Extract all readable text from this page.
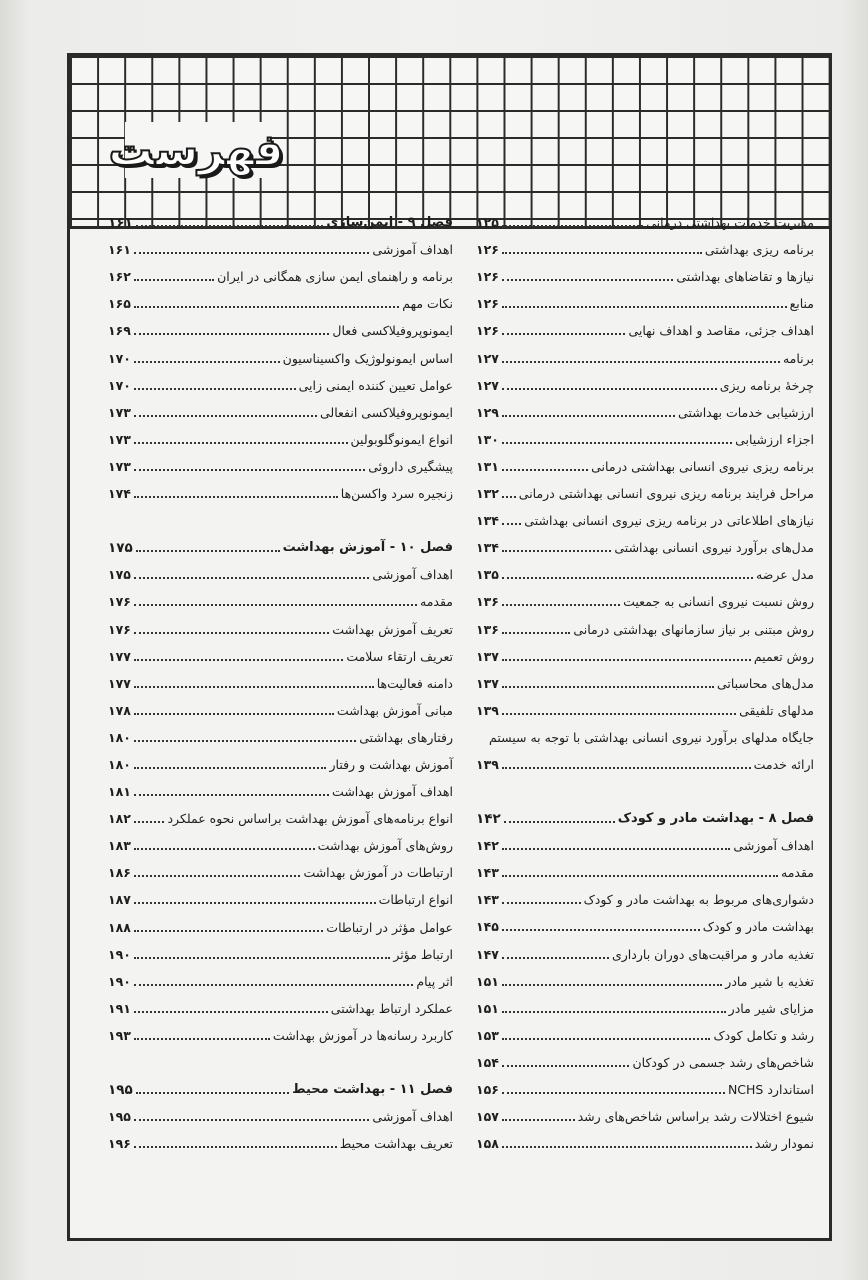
فهرست
مدیریت خدمات بهداشتی درمانی
۱۲۵
برنامه ریزی بهداشتی
۱۲۶
نیازها و تقاضاهای بهداشتی
۱۲۶
منابع
۱۲۶
اهداف جزئی، مقاصد و اهداف نهایی
۱۲۶
برنامه
۱۲۷
چرخهٔ برنامه ریزی
۱۲۷
ارزشیابی خدمات بهداشتی
۱۲۹
اجزاء ارزشیابی
۱۳۰
برنامه ریزی نیروی انسانی بهداشتی درمانی
۱۳۱
مراحل فرایند برنامه ریزی نیروی انسانی بهداشتی درمانی
۱۳۲
نیازهای اطلاعاتی در برنامه ریزی نیروی انسانی بهداشتی
۱۳۴
مدل‌های برآورد نیروی انسانی بهداشتی
۱۳۴
مدل عرضه
۱۳۵
روش نسبت نیروی انسانی به جمعیت
۱۳۶
روش مبتنی بر نیاز سازمانهای بهداشتی درمانی
۱۳۶
روش تعمیم
۱۳۷
مدل‌های محاسباتی
۱۳۷
مدلهای تلفیقی
۱۳۹
جایگاه مدلهای برآورد نیروی انسانی بهداشتی با توجه به سیستم
ارائه خدمت
۱۳۹
فصل ۸ - بهداشت مادر و کودک
۱۴۲
اهداف آموزشی
۱۴۲
مقدمه
۱۴۳
دشواری‌های مربوط به بهداشت مادر و کودک
۱۴۳
بهداشت مادر و کودک
۱۴۵
تغذیه مادر و مراقبت‌های دوران بارداری
۱۴۷
تغذیه با شیر مادر
۱۵۱
مزایای شیر مادر
۱۵۱
رشد و تکامل کودک
۱۵۳
شاخص‌های رشد جسمی در کودکان
۱۵۴
استاندارد NCHS
۱۵۶
شیوع اختلالات رشد براساس شاخص‌های رشد
۱۵۷
نمودار رشد
۱۵۸
فصل ۹ - ایمن‌سازی
۱۶۱
اهداف آموزشی
۱۶۱
برنامه و راهنمای ایمن سازی همگانی در ایران
۱۶۲
نکات مهم
۱۶۵
ایمونوپروفیلاکسی فعال
۱۶۹
اساس ایمونولوژیک واکسیناسیون
۱۷۰
عوامل تعیین کننده ایمنی زایی
۱۷۰
ایمونوپروفیلاکسی انفعالی
۱۷۳
انواع ایمونوگلوبولین
۱۷۳
پیشگیری داروئی
۱۷۳
زنجیره سرد واکسن‌ها
۱۷۴
فصل ۱۰ - آموزش بهداشت
۱۷۵
اهداف آموزشی
۱۷۵
مقدمه
۱۷۶
تعریف آموزش بهداشت
۱۷۶
تعریف ارتقاء سلامت
۱۷۷
دامنه فعالیت‌ها
۱۷۷
مبانی آموزش بهداشت
۱۷۸
رفتارهای بهداشتی
۱۸۰
آموزش بهداشت و رفتار
۱۸۰
اهداف آموزش بهداشت
۱۸۱
انواع برنامه‌های آموزش بهداشت براساس نحوه عملکرد
۱۸۲
روش‌های آموزش بهداشت
۱۸۳
ارتباطات در آموزش بهداشت
۱۸۶
انواع ارتباطات
۱۸۷
عوامل مؤثر در ارتباطات
۱۸۸
ارتباط مؤثر
۱۹۰
اثر پیام
۱۹۰
عملکرد ارتباط بهداشتی
۱۹۱
کاربرد رسانه‌ها در آموزش بهداشت
۱۹۳
فصل ۱۱ - بهداشت محیط
۱۹۵
اهداف آموزشی
۱۹۵
تعریف بهداشت محیط
۱۹۶
